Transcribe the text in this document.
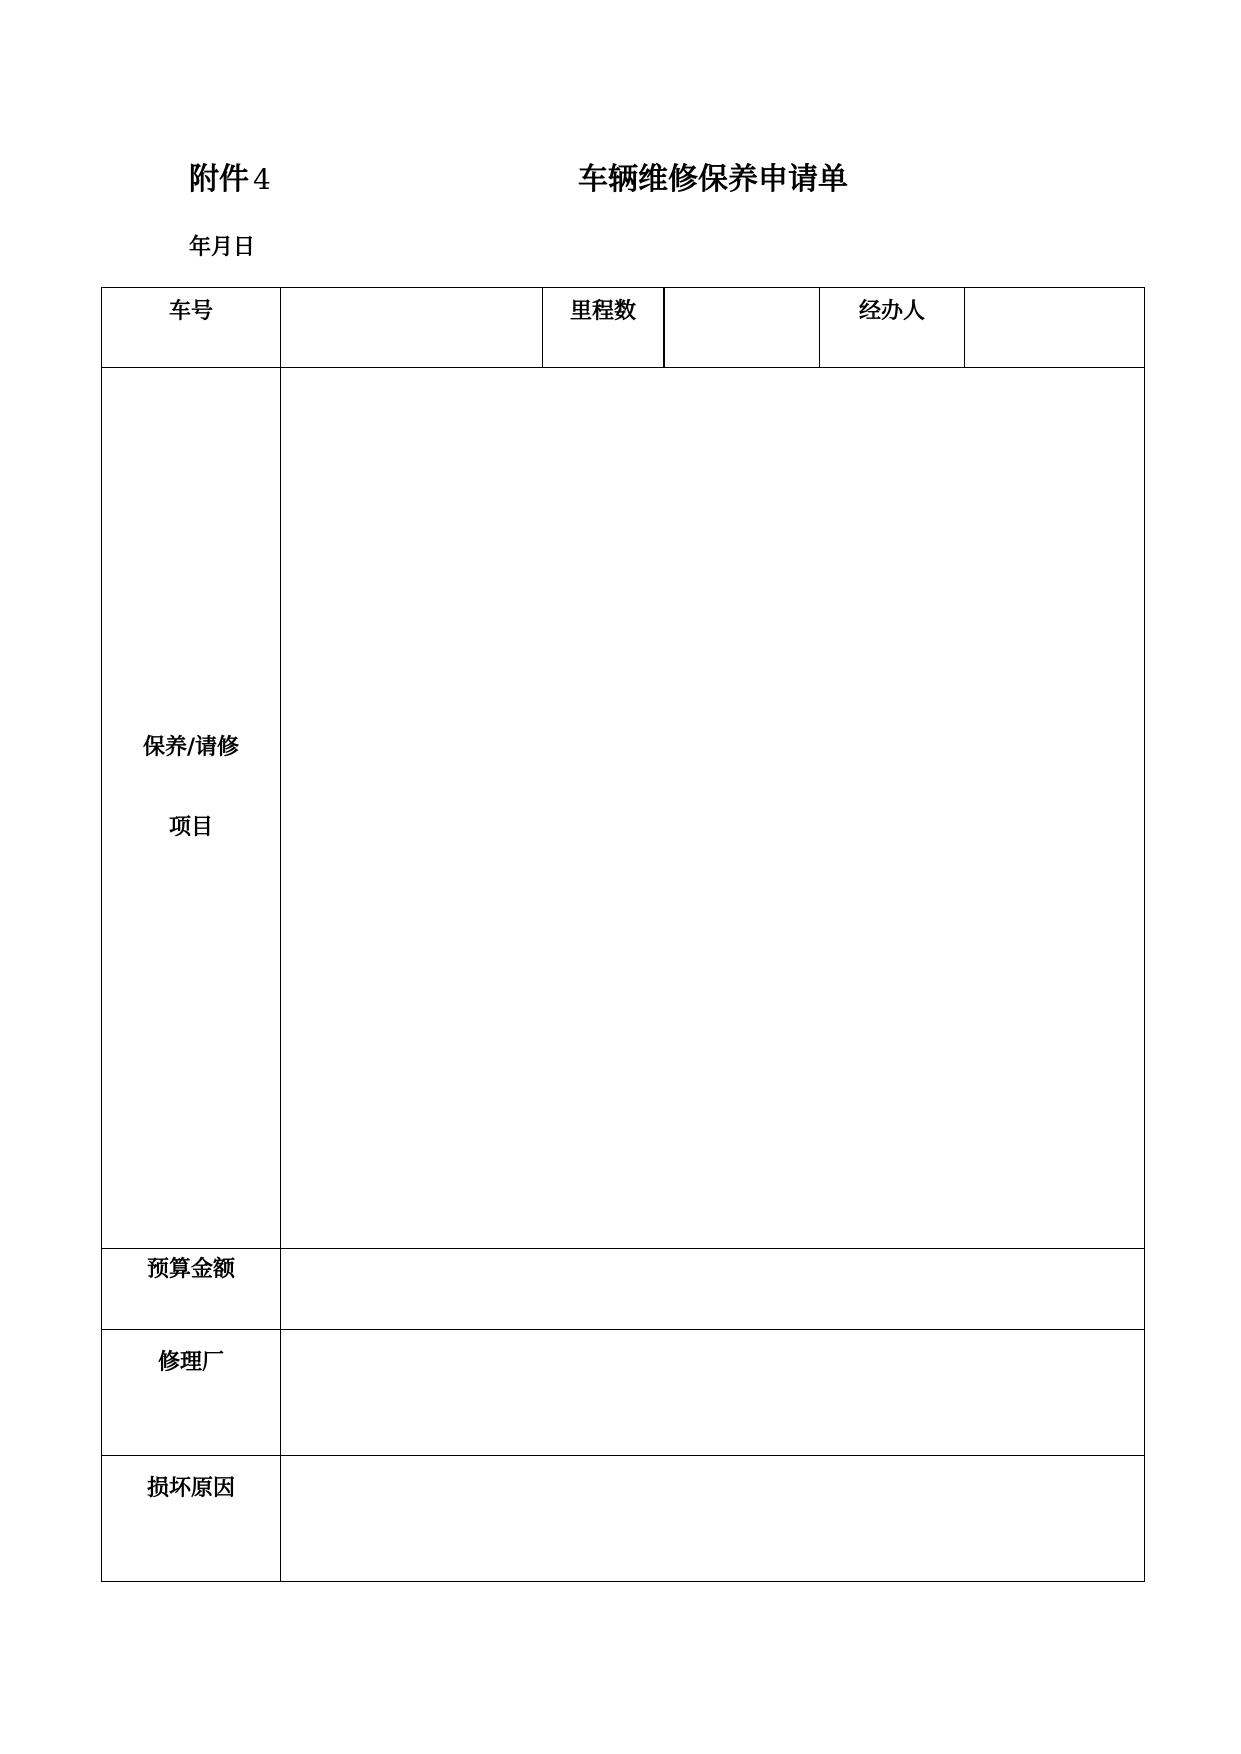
附件 4	车辆维修保养申请单
年月日
车号	里程数	经办人
保养/请修
项目
预算金额
修理厂
损坏原因
